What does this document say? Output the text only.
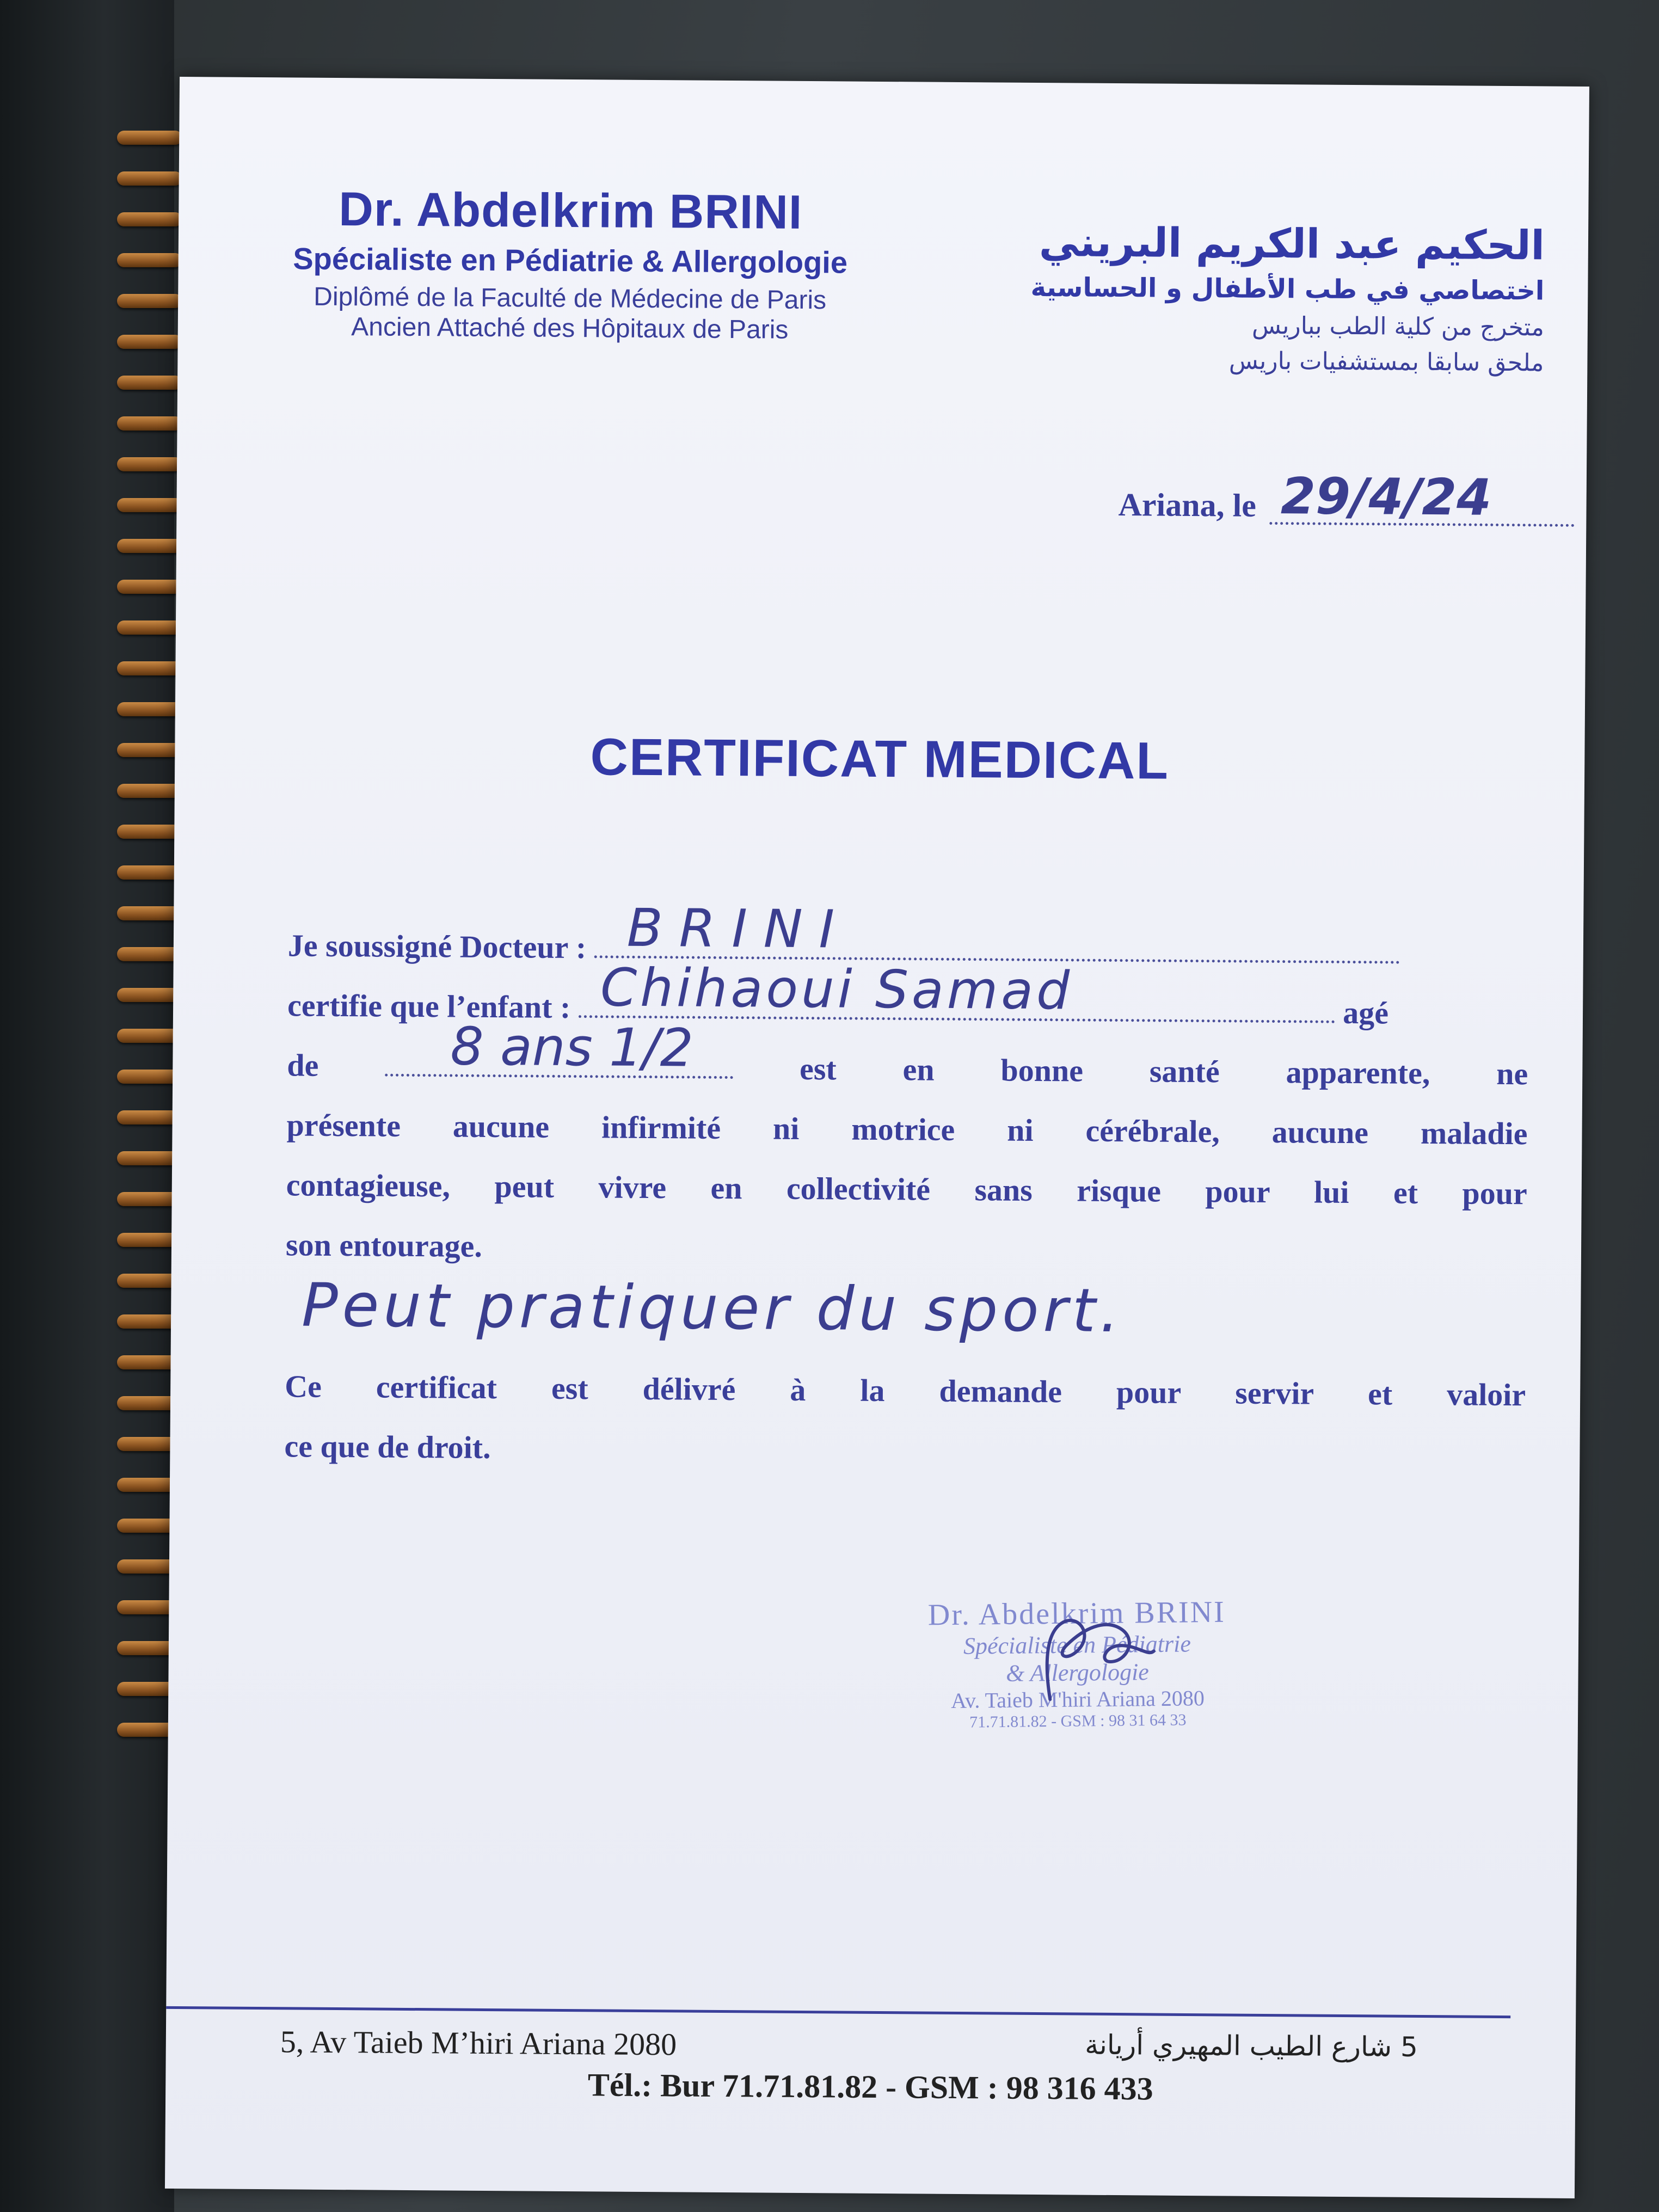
Dr. Abdelkrim BRINI
Spécialiste en Pédiatrie & Allergologie
Diplômé de la Faculté de Médecine de Paris
Ancien Attaché des Hôpitaux de Paris
الحكيم عبد الكريم البريني
اختصاصي في طب الأطفال و الحساسية
متخرج من كلية الطب بباريس
ملحق سابقا بمستشفيات باريس
Ariana, le 29/4/24
CERTIFICAT MEDICAL
Je soussigné Docteur : BRINI
certifie que l’enfant : Chihaoui Samad	agé
de	8 ans 1/2	est en bonne santé apparente, ne
présente aucune infirmité ni motrice ni cérébrale, aucune maladie
contagieuse, peut vivre en collectivité sans risque pour lui et pour
son entourage.
Peut pratiquer du sport.
Ce certificat est délivré à la demande pour servir et valoir
ce que de droit.
Dr. Abdelkrim BRINI
Spécialiste en Pédiatrie
& Allergologie
Av. Taieb M'hiri Ariana 2080
71.71.81.82 - GSM : 98 31 64 33
5, Av Taieb M’hiri Ariana 2080	5 شارع الطيب المهيري أريانة
Tél.: Bur 71.71.81.82 - GSM : 98 316 433
